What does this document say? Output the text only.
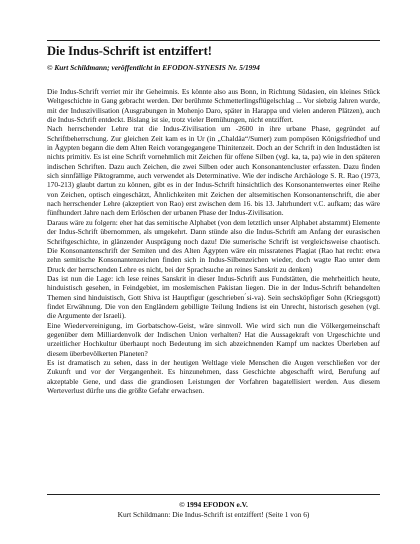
Die Indus-Schrift ist entziffert!
© Kurt Schildmann; veröffentlicht in EFODON-SYNESIS Nr. 5/1994

Die Indus-Schrift verriet mir ihr Geheimnis. Es könnte also aus Bonn, in Richtung Südasien, ein kleines Stück Weltgeschichte in Gang gebracht werden. Der berühmte Schmetterlingsflügelschlag ... Vor siebzig Jahren wurde, mit der Induszivilisation (Ausgrabungen in Mohenjo Daro, später in Harappa und vielen anderen Plätzen), auch die Indus-Schrift entdeckt. Bislang ist sie, trotz vieler Bemühungen, nicht entziffert.

Nach herrschender Lehre trat die Indus-Zivilisation um -2600 in ihre urbane Phase, gegründet auf Schriftbeherrschung. Zur gleichen Zeit kam es in Ur (in „Chaldäa“/Sumer) zum pompösen Königsfriedhof und in Ägypten begann die dem Alten Reich vorangegangene Thinitenzeit. Doch an der Schrift in den Industädten ist nichts primitiv. Es ist eine Schrift vornehmlich mit Zeichen für offene Silben (vgl. ka, ta, pa) wie in den späteren indischen Schriften. Dazu auch Zeichen, die zwei Silben oder auch Konsonantencluster erfassten. Dazu finden sich sinnfällige Piktogramme, auch verwendet als Determinative. Wie der indische Archäologe S. R. Rao (1973, 170-213) glaubt dartun zu können, gibt es in der Indus-Schrift hinsichtlich des Konsonantenwertes einer Reihe von Zeichen, optisch eingeschätzt, Ähnlichkeiten mit Zeichen der altsemitischen Konsonantenschrift, die aber nach herrschender Lehre (akzeptiert von Rao) erst zwischen dem 16. bis 13. Jahrhundert v.C. aufkam; das wäre fünfhundert Jahre nach dem Erlöschen der urbanen Phase der Indus-Zivilisation.

Daraus wäre zu folgern: eher hat das semitische Alphabet (von dem letztlich unser Alphabet abstammt) Elemente der Indus-Schrift übernommen, als umgekehrt. Dann stünde also die Indus-Schrift am Anfang der eurasischen Schriftgeschichte, in glänzender Ausprägung noch dazu! Die sumerische Schrift ist vergleichsweise chaotisch. Die Konsonantenschrift der Semiten und des Alten Ägypten wäre ein missratenes Plagiat (Rao hat recht: etwa zehn semitische Konsonantenzeichen finden sich in Indus-Silbenzeichen wieder, doch wagte Rao unter dem Druck der herrschenden Lehre es nicht, bei der Sprachsuche an reines Sanskrit zu denken)

Das ist nun die Lage: ich lese reines Sanskrit in dieser Indus-Schrift aus Fundstätten, die mehrheitlich heute, hinduistisch gesehen, in Feindgebiet, im moslemischen Pakistan liegen. Die in der Indus-Schrift behandelten Themen sind hinduistisch, Gott Shiva ist Hauptfigur (geschrieben ́si-va). Sein sechsköpfiger Sohn (Kriegsgott) findet Erwähnung. Die von den Engländern gebilligte Teilung Indiens ist ein Unrecht, historisch gesehen (vgl. die Argumente der Israeli).

Eine Wiedervereinigung, im Gorbatschow-Geist, wäre sinnvoll. Wie wird sich nun die Völkergemeinschaft gegenüber dem Milliardenvolk der Indischen Union verhalten? Hat die Aussagekraft von Urgeschichte und urzeitlicher Hochkultur überhaupt noch Bedeutung im sich abzeichnenden Kampf um nacktes Überleben auf diesem überbevölkerten Planeten?

Es ist dramatisch zu sehen, dass in der heutigen Weltlage viele Menschen die Augen verschließen vor der Zukunft und vor der Vergangenheit. Es hinzunehmen, dass Geschichte abgeschafft wird, Berufung auf akzeptable Gene, und dass die grandiosen Leistungen der Vorfahren bagatellisiert werden. Aus diesem Werteverlust dürfte uns die größte Gefahr erwachsen.

© 1994 EFODON e.V.
Kurt Schildmann: Die Indus-Schrift ist entziffert! (Seite 1 von 6)
